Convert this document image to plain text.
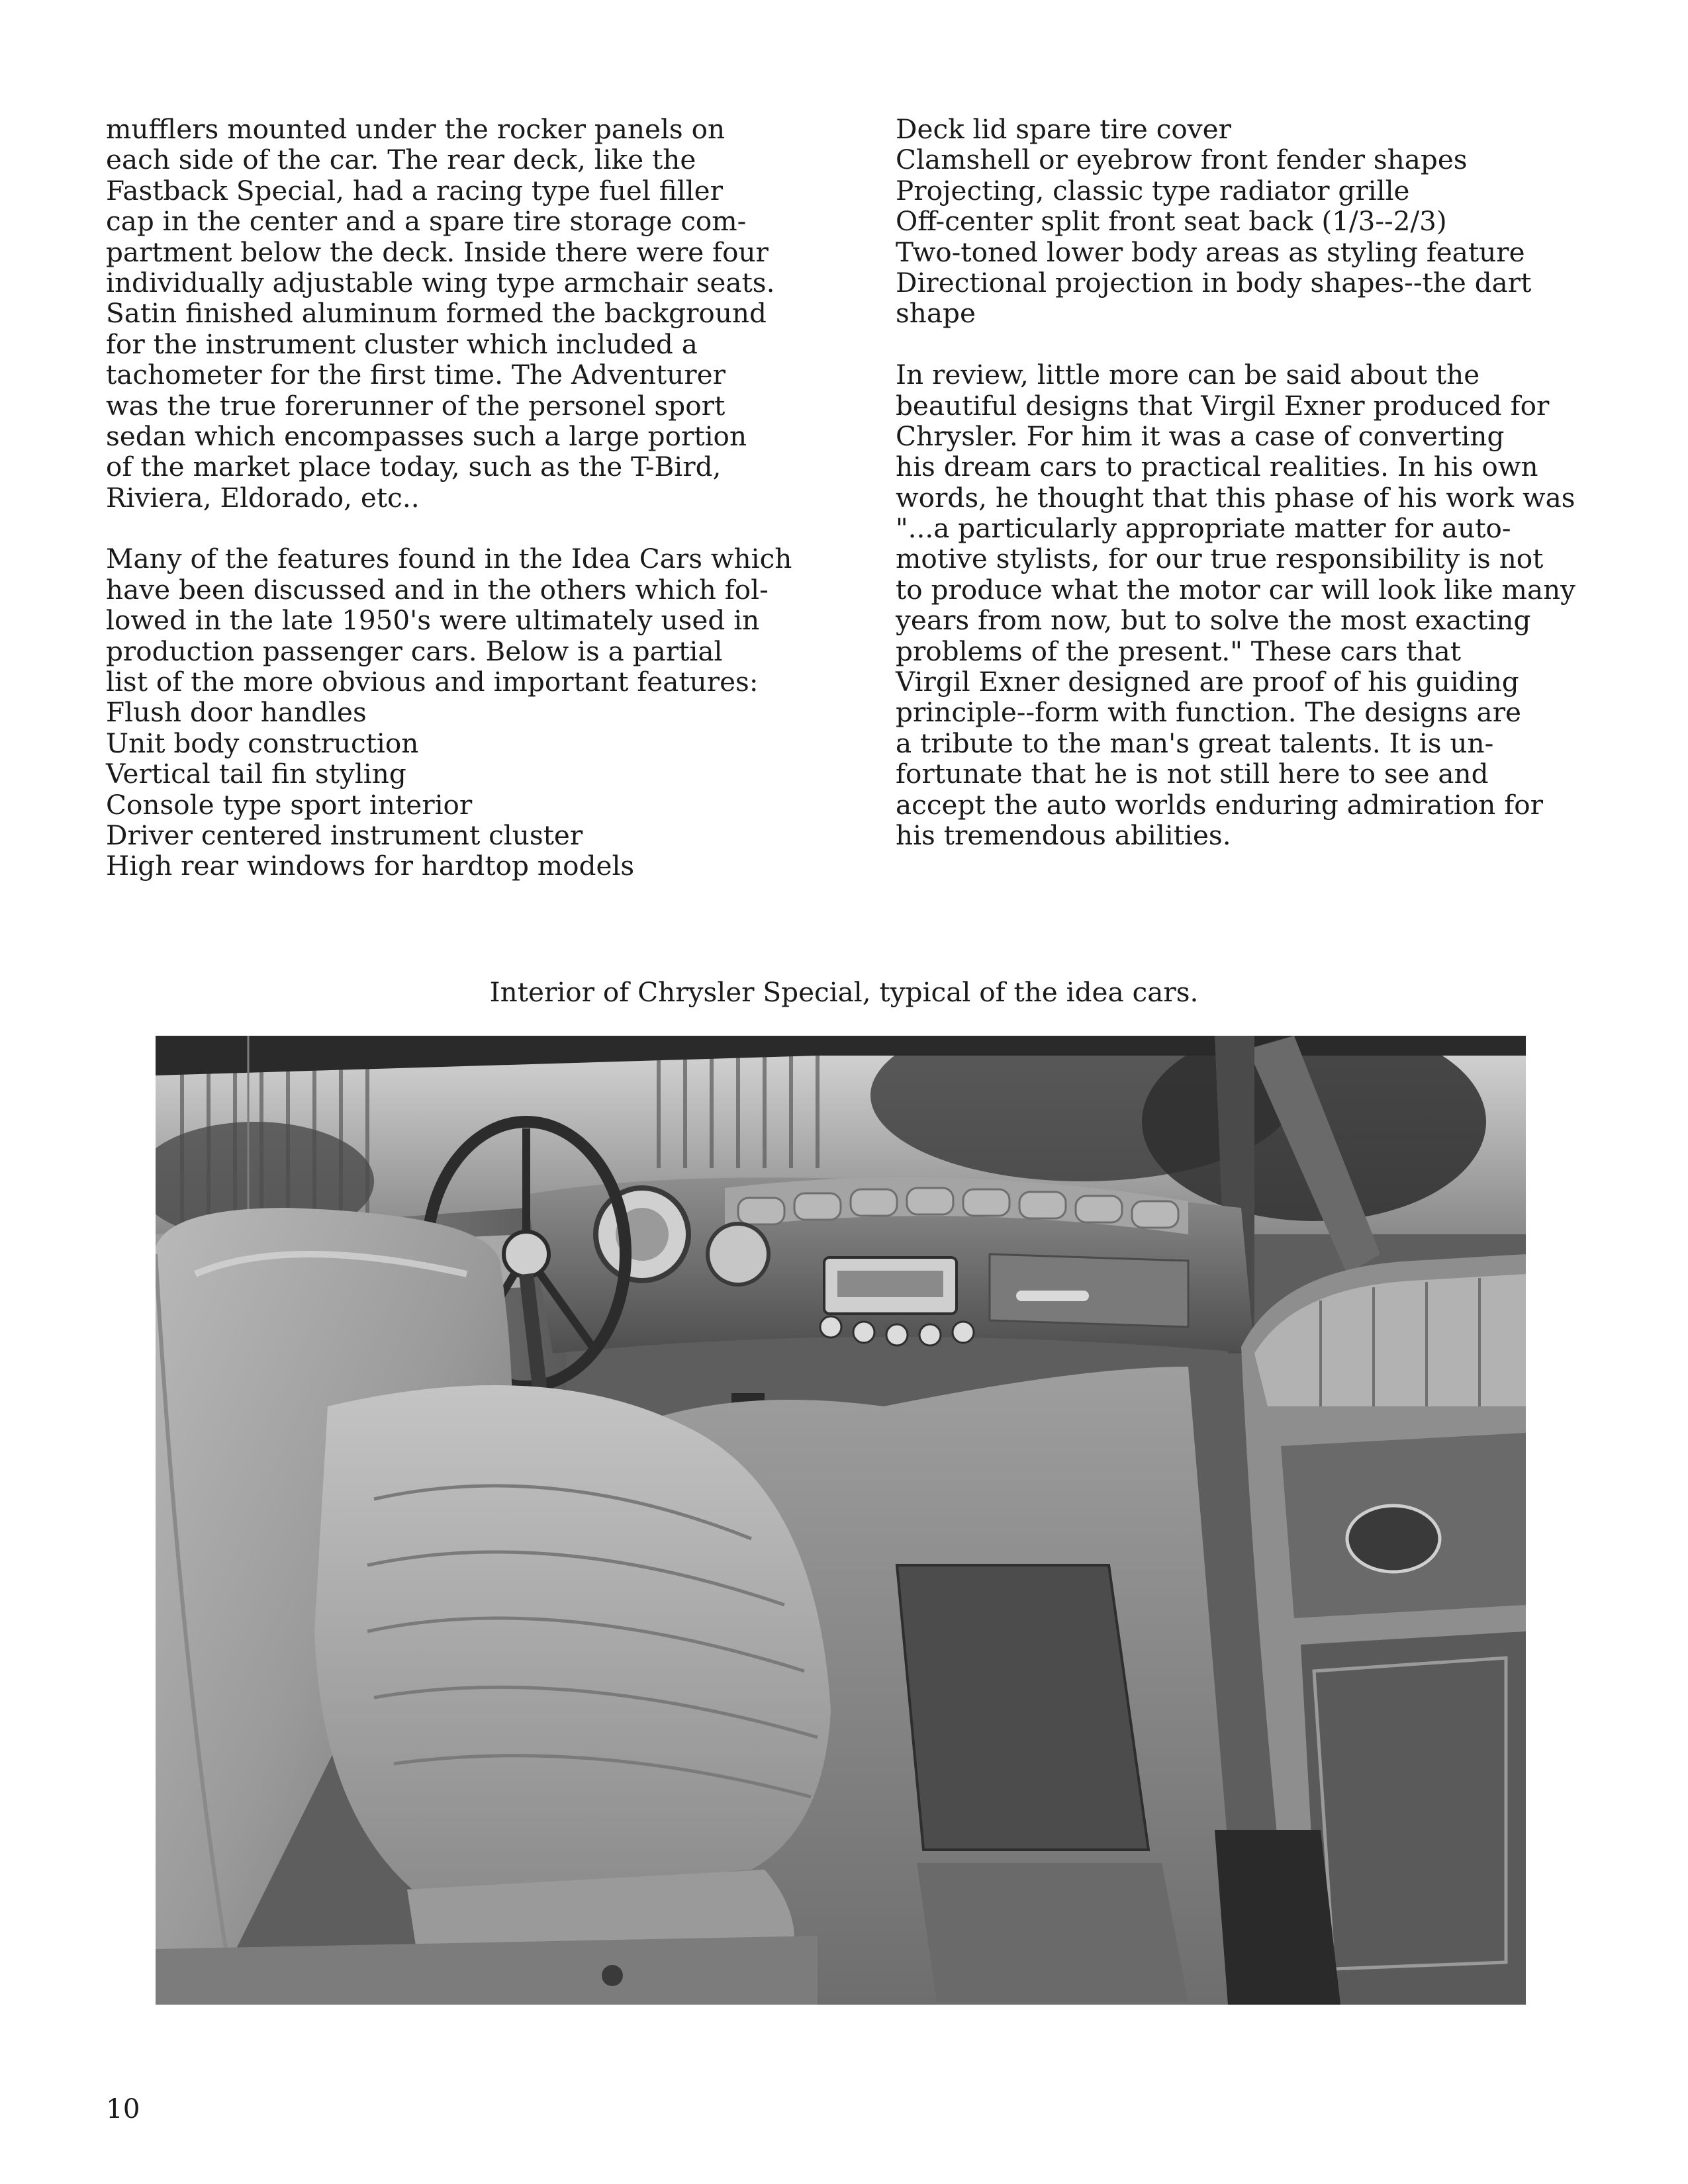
mufflers mounted under the rocker panels on
each side of the car. The rear deck, like the
Fastback Special, had a racing type fuel filler
cap in the center and a spare tire storage com-
partment below the deck. Inside there were four
individually adjustable wing type armchair seats.
Satin finished aluminum formed the background
for the instrument cluster which included a
tachometer for the first time. The Adventurer
was the true forerunner of the personel sport
sedan which encompasses such a large portion
of the market place today, such as the T-Bird,
Riviera, Eldorado, etc..
Many of the features found in the Idea Cars which
have been discussed and in the others which fol-
lowed in the late 1950's were ultimately used in
production passenger cars. Below is a partial
list of the more obvious and important features:
Flush door handles
Unit body construction
Vertical tail fin styling
Console type sport interior
Driver centered instrument cluster
High rear windows for hardtop models
Deck lid spare tire cover
Clamshell or eyebrow front fender shapes
Projecting, classic type radiator grille
Off-center split front seat back (1/3--2/3)
Two-toned lower body areas as styling feature
Directional projection in body shapes--the dart
shape
In review, little more can be said about the
beautiful designs that Virgil Exner produced for
Chrysler. For him it was a case of converting
his dream cars to practical realities. In his own
words, he thought that this phase of his work was
"...a particularly appropriate matter for auto-
motive stylists, for our true responsibility is not
to produce what the motor car will look like many
years from now, but to solve the most exacting
problems of the present." These cars that
Virgil Exner designed are proof of his guiding
principle--form with function. The designs are
a tribute to the man's great talents. It is un-
fortunate that he is not still here to see and
accept the auto worlds enduring admiration for
his tremendous abilities.
Interior of Chrysler Special, typical of the idea cars.
10
